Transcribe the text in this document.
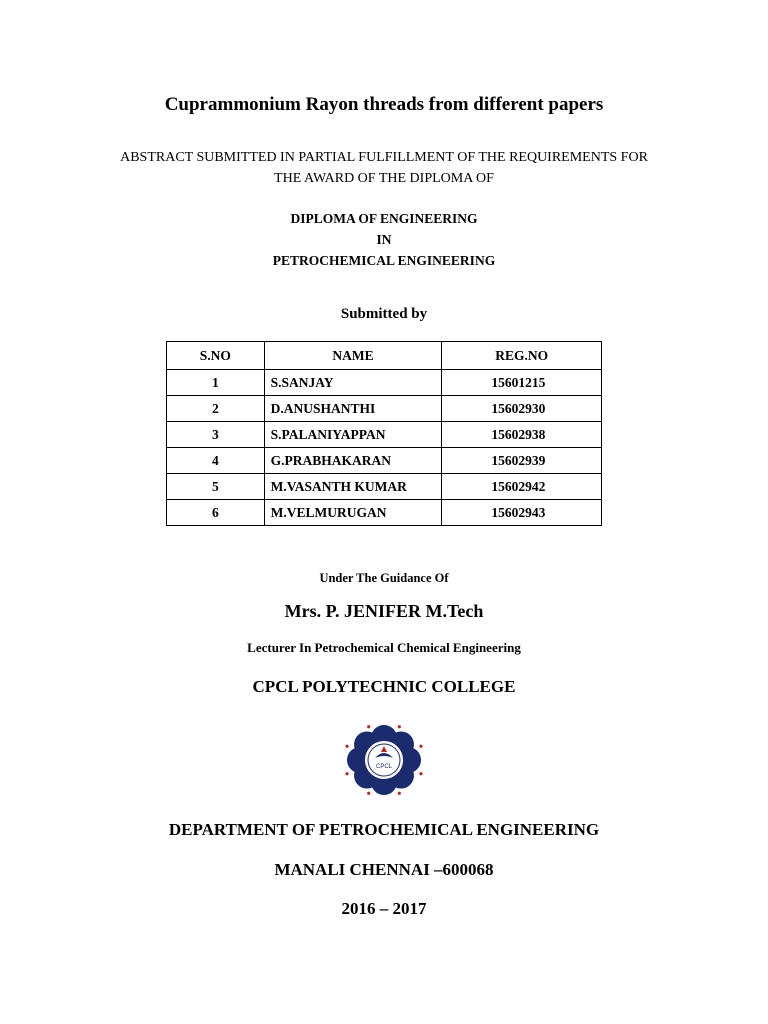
Cuprammonium Rayon threads from different papers
ABSTRACT SUBMITTED IN PARTIAL FULFILLMENT OF THE REQUIREMENTS FOR
THE AWARD OF THE DIPLOMA OF
DIPLOMA OF ENGINEERING
IN
PETROCHEMICAL ENGINEERING
Submitted by
S.NO	NAME	REG.NO
1	S.SANJAY	15601215
2	D.ANUSHANTHI	15602930
3	S.PALANIYAPPAN	15602938
4	G.PRABHAKARAN	15602939
5	M.VASANTH KUMAR	15602942
6	M.VELMURUGAN	15602943
Under The Guidance Of
Mrs. P. JENIFER M.Tech
Lecturer In Petrochemical Chemical Engineering
CPCL POLYTECHNIC COLLEGE
CPCL
DEPARTMENT OF PETROCHEMICAL ENGINEERING
MANALI CHENNAI –600068
2016 – 2017
